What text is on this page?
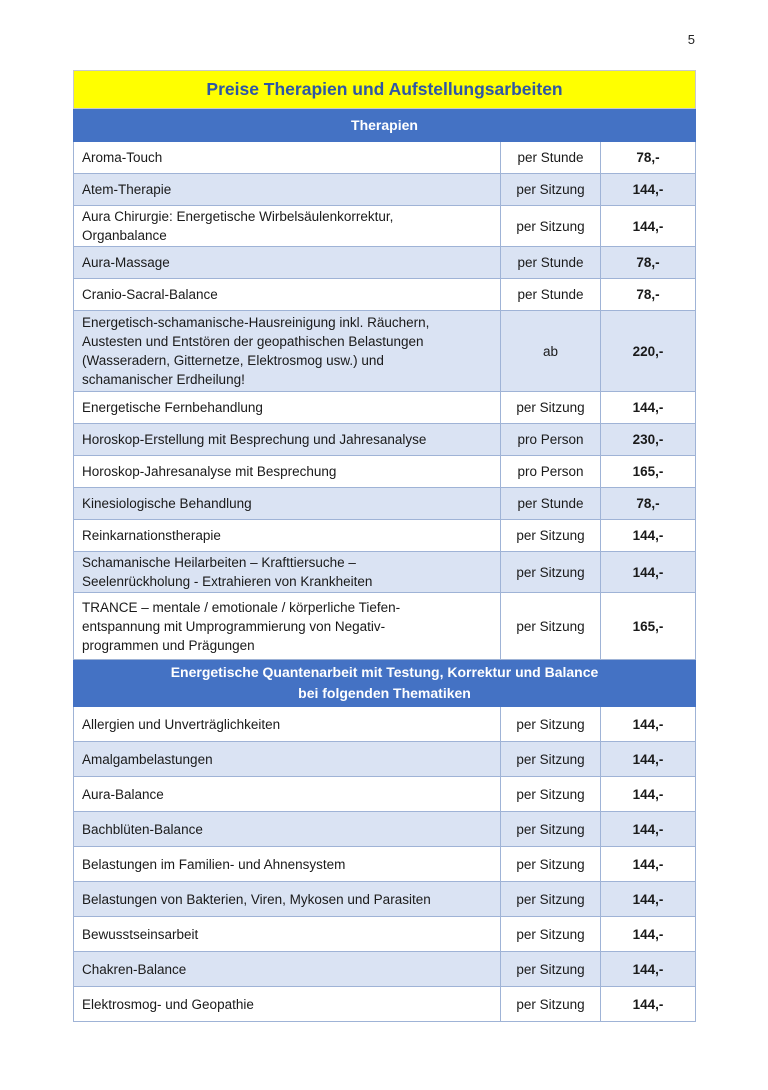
5
Preise Therapien und Aufstellungsarbeiten		
Therapien		
Aroma-Touch	per Stunde	78,-
Atem-Therapie	per Sitzung	144,-
Aura Chirurgie: Energetische Wirbelsäulenkorrektur,
Organbalance	per Sitzung	144,-
Aura-Massage	per Stunde	78,-
Cranio-Sacral-Balance	per Stunde	78,-
Energetisch-schamanische-Hausreinigung inkl. Räuchern,
Austesten und Entstören der geopathischen Belastungen
(Wasseradern, Gitternetze, Elektrosmog usw.) und
schamanischer Erdheilung!	ab	220,-
Energetische Fernbehandlung	per Sitzung	144,-
Horoskop-Erstellung mit Besprechung und Jahresanalyse	pro Person	230,-
Horoskop-Jahresanalyse mit Besprechung	pro Person	165,-
Kinesiologische Behandlung	per Stunde	78,-
Reinkarnationstherapie	per Sitzung	144,-
Schamanische Heilarbeiten – Krafttiersuche –
Seelenrückholung - Extrahieren von Krankheiten	per Sitzung	144,-
TRANCE – mentale / emotionale / körperliche Tiefen-
entspannung mit Umprogrammierung von Negativ-
programmen und Prägungen	per Sitzung	165,-
Energetische Quantenarbeit mit Testung, Korrektur und Balance
bei folgenden Thematiken		
Allergien und Unverträglichkeiten	per Sitzung	144,-
Amalgambelastungen	per Sitzung	144,-
Aura-Balance	per Sitzung	144,-
Bachblüten-Balance	per Sitzung	144,-
Belastungen im Familien- und Ahnensystem	per Sitzung	144,-
Belastungen von Bakterien, Viren, Mykosen und Parasiten	per Sitzung	144,-
Bewusstseinsarbeit	per Sitzung	144,-
Chakren-Balance	per Sitzung	144,-
Elektrosmog- und Geopathie	per Sitzung	144,-
